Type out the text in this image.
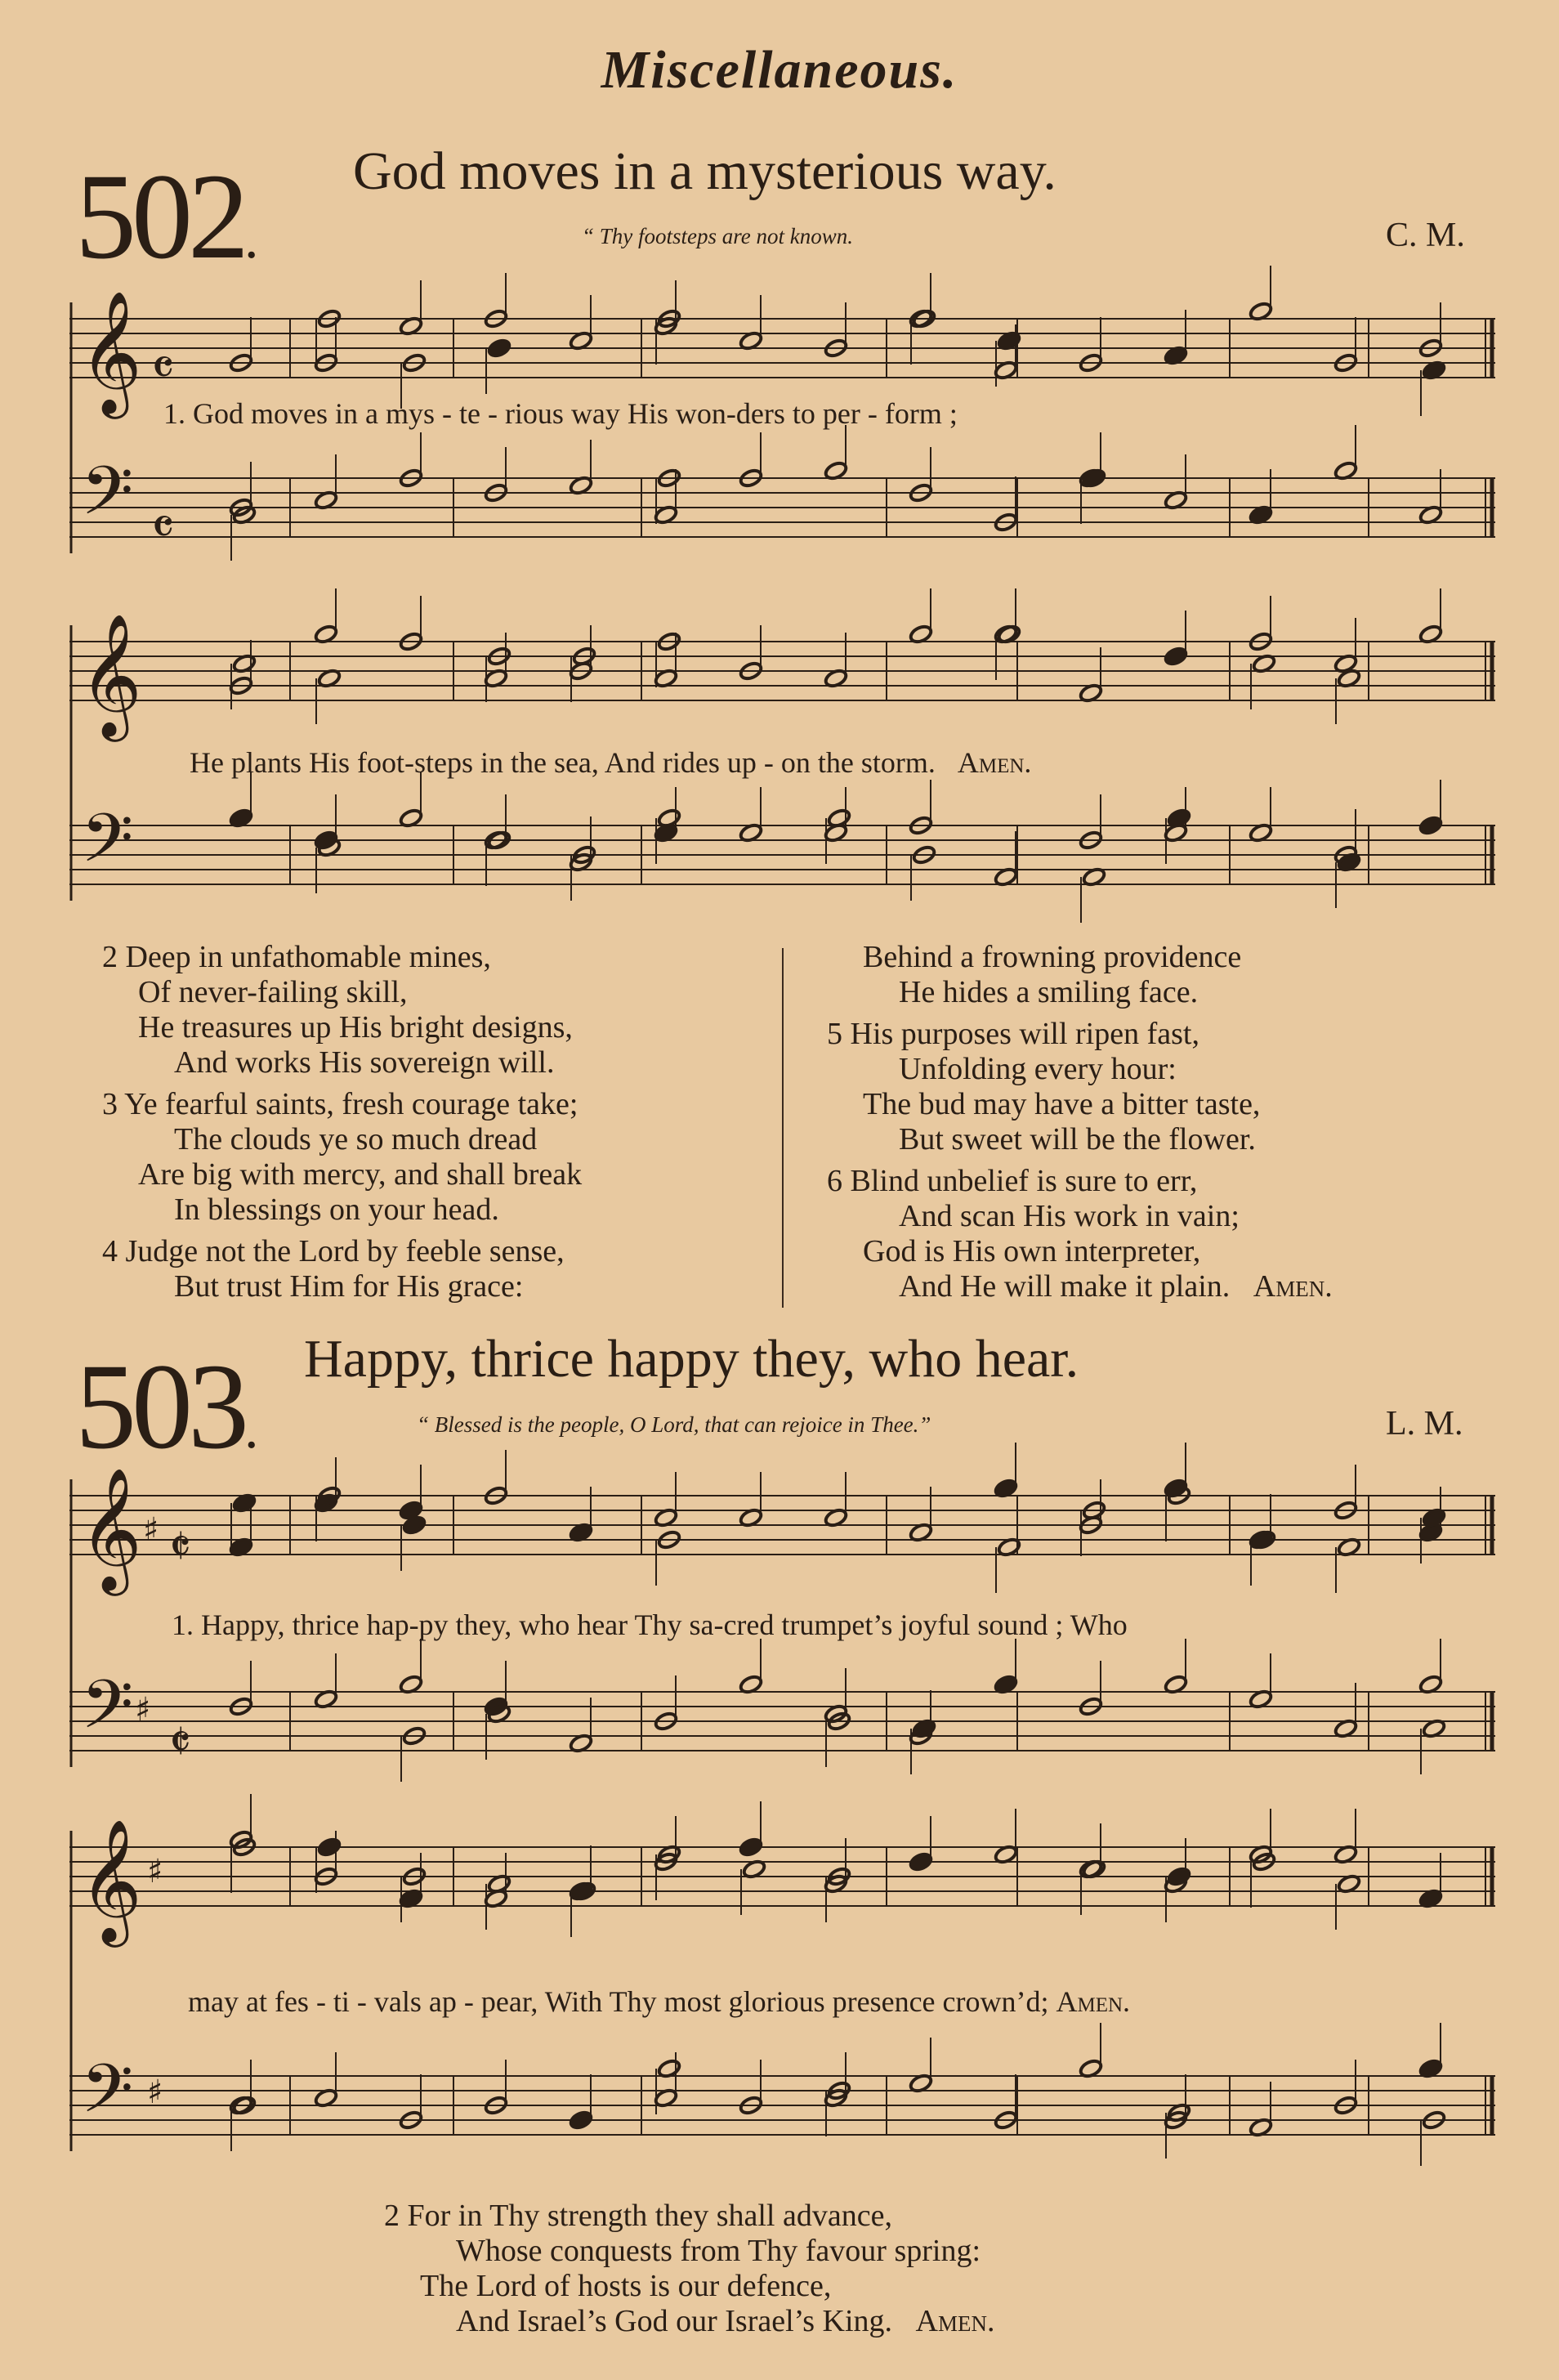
Miscellaneous.
502.
God moves in a mysterious way.
“ Thy footsteps are not known.	C. M.
𝄞
𝄢
𝄴
𝄴
1. God moves in a mys - te - rious way His won-ders to per - form ;
𝄞
𝄢
He plants His foot-steps in the sea, And rides up - on the storm. Amen.
2 Deep in unfathomable mines,
Of never-failing skill,
He treasures up His bright designs,
And works His sovereign will.
3 Ye fearful saints, fresh courage take;
The clouds ye so much dread
Are big with mercy, and shall break
In blessings on your head.
4 Judge not the Lord by feeble sense,
But trust Him for His grace:
Behind a frowning providence
He hides a smiling face.
5 His purposes will ripen fast,
Unfolding every hour:
The bud may have a bitter taste,
But sweet will be the flower.
6 Blind unbelief is sure to err,
And scan His work in vain;
God is His own interpreter,
And He will make it plain. Amen.
503.
Happy, thrice happy they, who hear.
“ Blessed is the people, O Lord, that can rejoice in Thee.”	L. M.
𝄞
𝄢
♯
♯
𝄵
𝄵
1. Happy, thrice hap-py they, who hear Thy sa-cred trumpet’s joyful sound ; Who
𝄞
𝄢
♯
♯
may at fes - ti - vals ap - pear, With Thy most glorious presence crown’d; Amen.
2 For in Thy strength they shall advance,
Whose conquests from Thy favour spring:
The Lord of hosts is our defence,
And Israel’s God our Israel’s King. Amen.
